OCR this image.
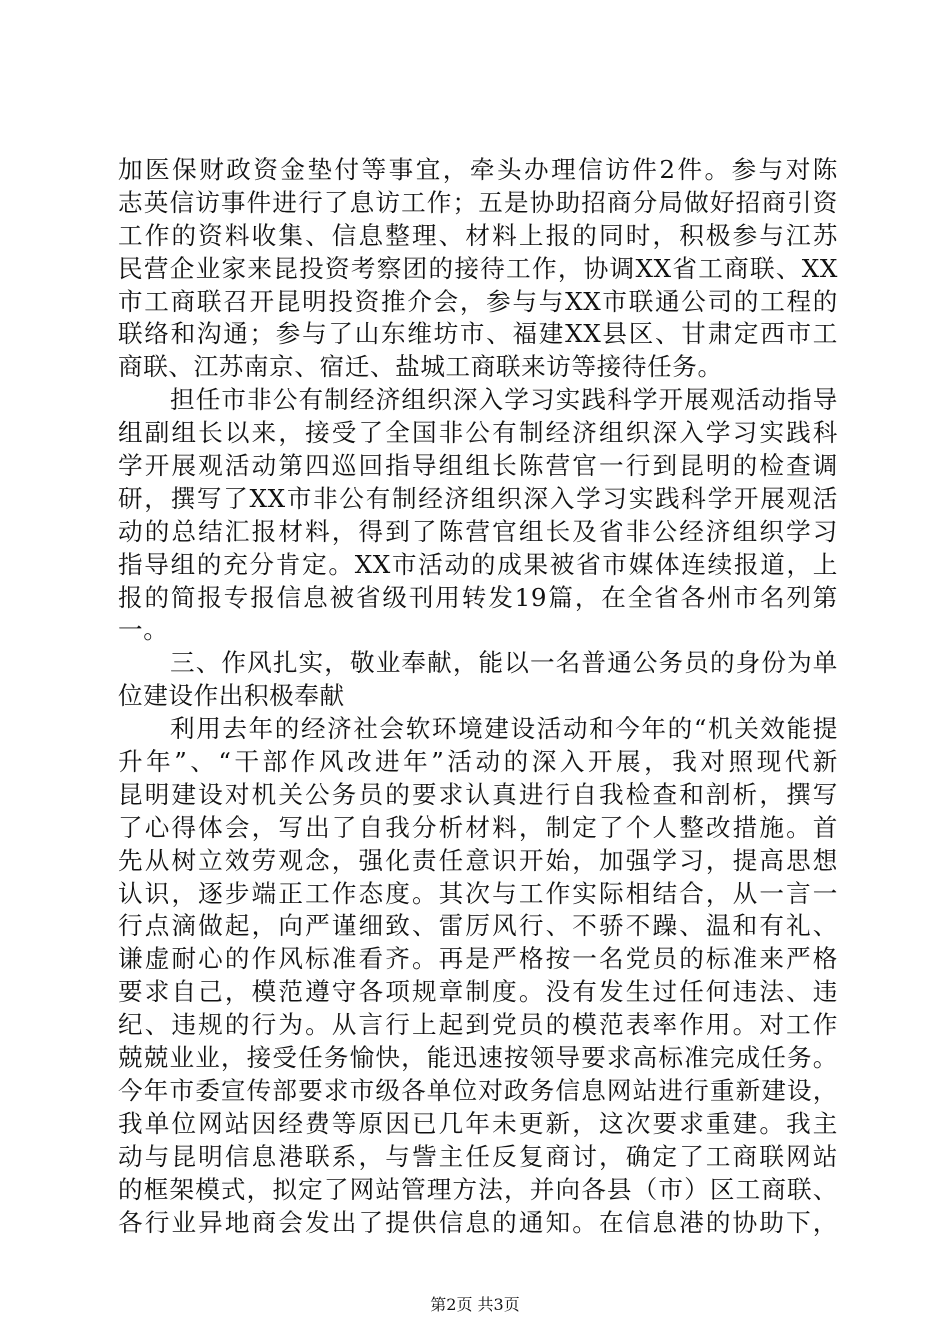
加医保财政资金垫付等事宜，牵头办理信访件2件。参与对陈
志英信访事件进行了息访工作；五是协助招商分局做好招商引资
工作的资料收集、信息整理、材料上报的同时，积极参与江苏
民营企业家来昆投资考察团的接待工作，协调XX省工商联、XX
市工商联召开昆明投资推介会，参与与XX市联通公司的工程的
联络和沟通；参与了山东维坊市、福建XX县区、甘肃定西市工
商联、江苏南京、宿迁、盐城工商联来访等接待任务。
担任市非公有制经济组织深入学习实践科学开展观活动指导
组副组长以来，接受了全国非公有制经济组织深入学习实践科
学开展观活动第四巡回指导组组长陈营官一行到昆明的检查调
研，撰写了XX市非公有制经济组织深入学习实践科学开展观活
动的总结汇报材料，得到了陈营官组长及省非公经济组织学习
指导组的充分肯定。XX市活动的成果被省市媒体连续报道，上
报的简报专报信息被省级刊用转发19篇，在全省各州市名列第
一。
三、作风扎实，敬业奉献，能以一名普通公务员的身份为单
位建设作出积极奉献
利用去年的经济社会软环境建设活动和今年的“机关效能提
升年”、“干部作风改进年”活动的深入开展，我对照现代新
昆明建设对机关公务员的要求认真进行自我检查和剖析，撰写
了心得体会，写出了自我分析材料，制定了个人整改措施。首
先从树立效劳观念，强化责任意识开始，加强学习，提高思想
认识，逐步端正工作态度。其次与工作实际相结合，从一言一
行点滴做起，向严谨细致、雷厉风行、不骄不躁、温和有礼、
谦虚耐心的作风标准看齐。再是严格按一名党员的标准来严格
要求自己，模范遵守各项规章制度。没有发生过任何违法、违
纪、违规的行为。从言行上起到党员的模范表率作用。对工作
兢兢业业，接受任务愉快，能迅速按领导要求高标准完成任务。
今年市委宣传部要求市级各单位对政务信息网站进行重新建设，
我单位网站因经费等原因已几年未更新，这次要求重建。我主
动与昆明信息港联系，与訾主任反复商讨，确定了工商联网站
的框架模式，拟定了网站管理方法，并向各县（市）区工商联、
各行业异地商会发出了提供信息的通知。在信息港的协助下，
第2页 共3页
